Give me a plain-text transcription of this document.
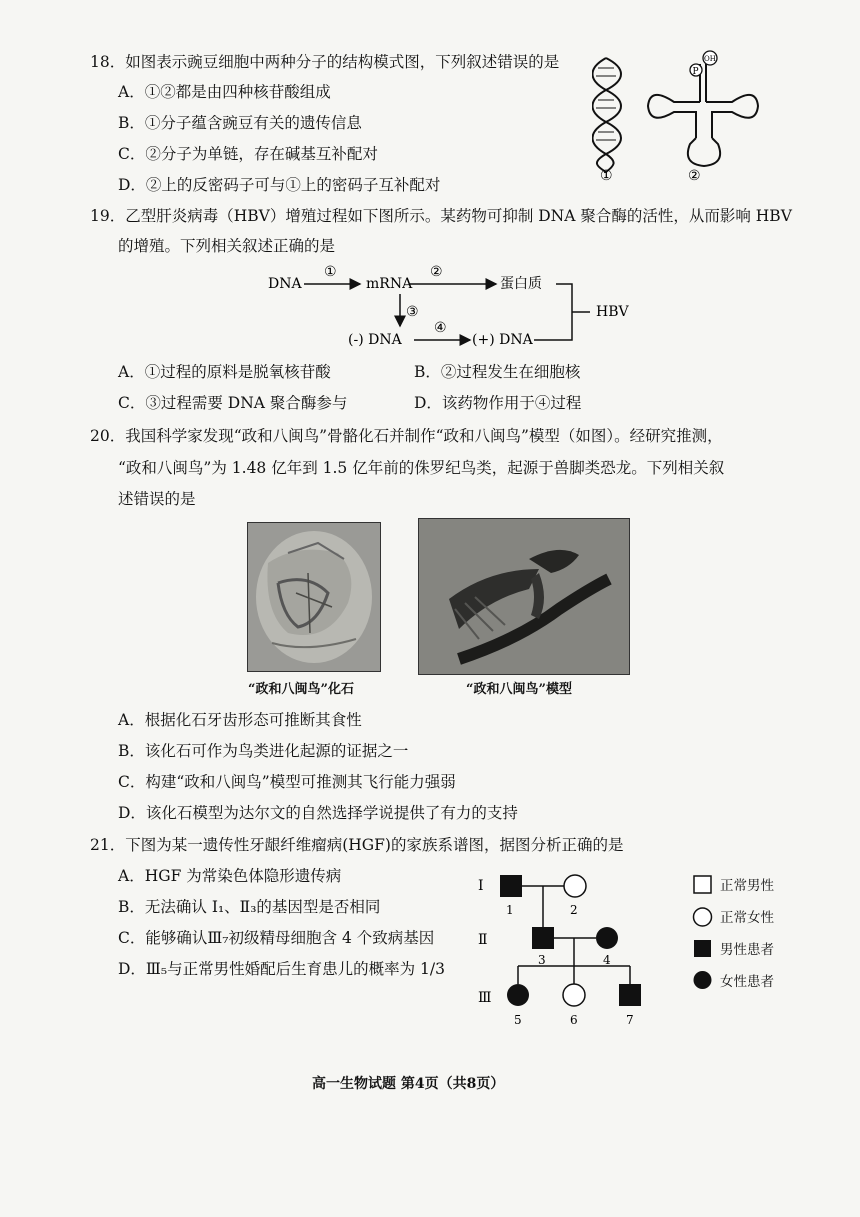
18．如图表示豌豆细胞中两种分子的结构模式图，下列叙述错误的是
A．①②都是由四种核苷酸组成
B．①分子蕴含豌豆有关的遗传信息
C．②分子为单链，存在碱基互补配对
D．②上的反密码子可与①上的密码子互补配对	①
P
OH
②
19．乙型肝炎病毒（HBV）增殖过程如下图所示。某药物可抑制 DNA 聚合酶的活性，从而影响 HBV
的增殖。下列相关叙述正确的是
DNA
①
mRNA
②
蛋白质
③
(-) DNA
④
(+) DNA
HBV
A．①过程的原料是脱氧核苷酸	B．②过程发生在细胞核
C．③过程需要 DNA 聚合酶参与	D．该药物作用于④过程
20．我国科学家发现“政和八闽鸟”骨骼化石并制作“政和八闽鸟”模型（如图）。经研究推测，
“政和八闽鸟”为 1.48 亿年到 1.5 亿年前的侏罗纪鸟类，起源于兽脚类恐龙。下列相关叙
述错误的是
“政和八闽鸟”化石	“政和八闽鸟”模型
A．根据化石牙齿形态可推断其食性
B．该化石可作为鸟类进化起源的证据之一
C．构建“政和八闽鸟”模型可推测其飞行能力强弱
D．该化石模型为达尔文的自然选择学说提供了有力的支持
21．下图为某一遗传性牙龈纤维瘤病(HGF)的家族系谱图，据图分析正确的是
A．HGF 为常染色体隐形遗传病
B．无法确认 Ⅰ₁、Ⅱ₃的基因型是否相同
C．能够确认Ⅲ₇初级精母细胞含 4 个致病基因
D．Ⅲ₅与正常男性婚配后生育患儿的概率为 1/3
Ⅰ
Ⅱ
Ⅲ
1	2
3	4
5	6	7
正常男性
正常女性
男性患者
女性患者
高一生物试题 第4页（共8页）
